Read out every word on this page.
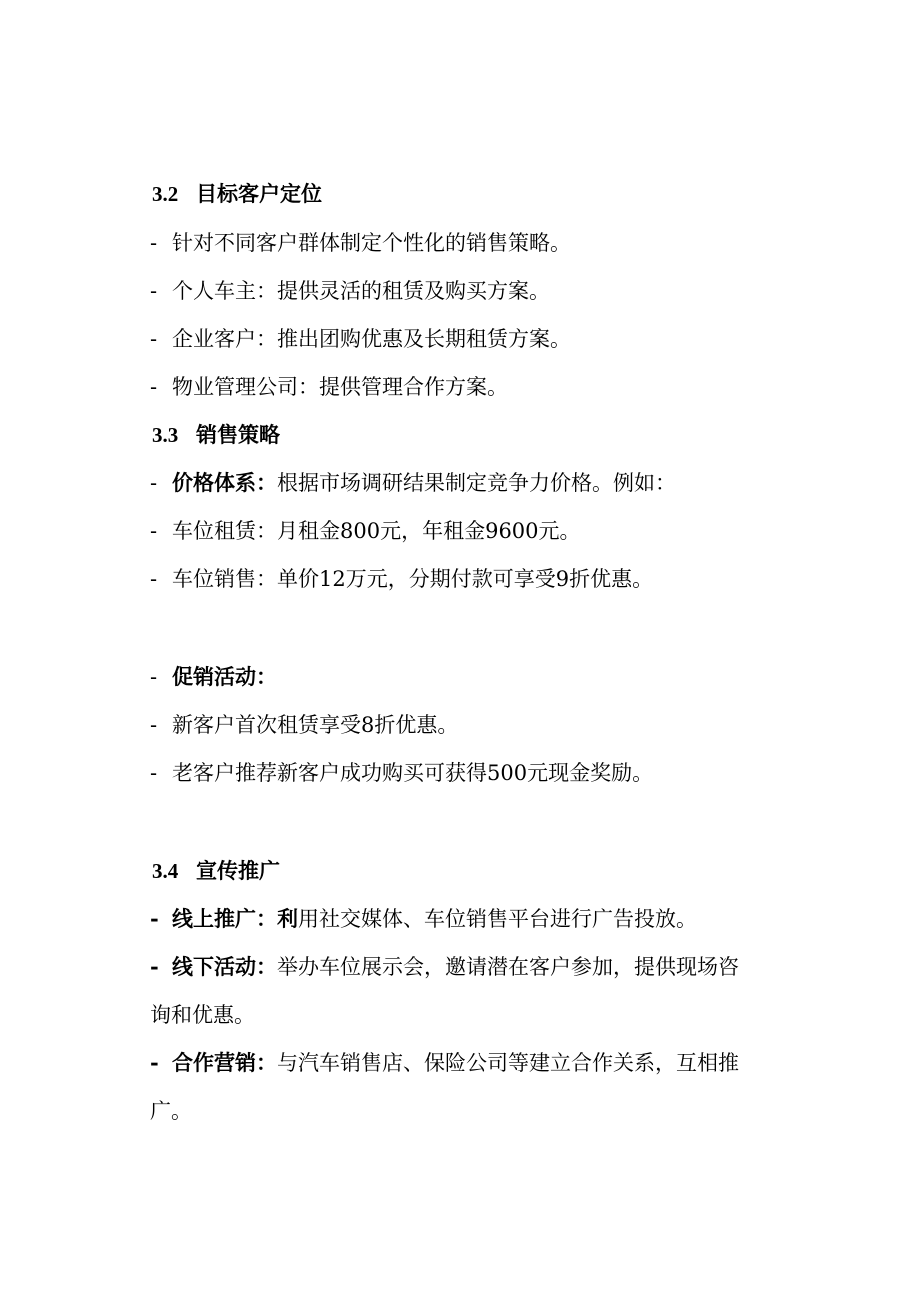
3.2 目标客户定位
- 针对不同客户群体制定个性化的销售策略。
- 个人车主：提供灵活的租赁及购买方案。
- 企业客户：推出团购优惠及长期租赁方案。
- 物业管理公司：提供管理合作方案。
3.3 销售策略
- 价格体系：根据市场调研结果制定竞争力价格。例如：
- 车位租赁：月租金800元，年租金9600元。
- 车位销售：单价12万元，分期付款可享受9折优惠。
- 促销活动：
- 新客户首次租赁享受8折优惠。
- 老客户推荐新客户成功购买可获得500元现金奖励。
3.4 宣传推广
- 线上推广：利用社交媒体、车位销售平台进行广告投放。
- 线下活动：举办车位展示会，邀请潜在客户参加，提供现场咨
询和优惠。
- 合作营销：与汽车销售店、保险公司等建立合作关系，互相推
广。
